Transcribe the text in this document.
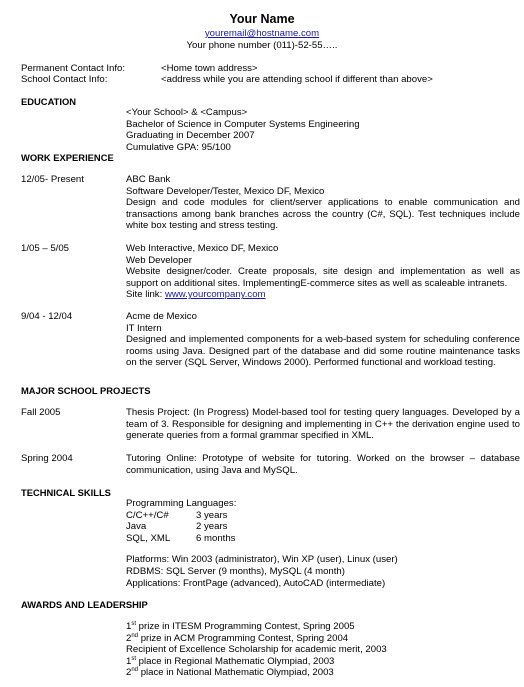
Your Name
youremail@hostname.com
Your phone number (011)-52-55…..
Permanent Contact Info:	<Home town address>
School Contact Info:	<address while you are attending school if different than above>
EDUCATION
<Your School> & <Campus>
Bachelor of Science in Computer Systems Engineering
Graduating in December 2007
Cumulative GPA: 95/100
WORK EXPERIENCE
12/05- Present	ABC Bank
Software Developer/Tester, Mexico DF, Mexico
Design and code modules for client/server applications to enable communication and transactions among bank branches across the country (C#, SQL). Test techniques include white box testing and stress testing.
1/05 – 5/05	Web Interactive, Mexico DF, Mexico
Web Developer
Website designer/coder. Create proposals, site design and implementation as well as support on additional sites. ImplementingE-commerce sites as well as scaleable intranets.
Site link: www.yourcompany.com
9/04 - 12/04	Acme de Mexico
IT Intern
Designed and implemented components for a web-based system for scheduling conference rooms using Java. Designed part of the database and did some routine maintenance tasks on the server (SQL Server, Windows 2000). Performed functional and workload testing.
MAJOR SCHOOL PROJECTS
Fall 2005	Thesis Project: (In Progress) Model-based tool for testing query languages. Developed by a team of 3. Responsible for designing and implementing in C++ the derivation engine used to generate queries from a formal grammar specified in XML.
Spring 2004	Tutoring Online: Prototype of website for tutoring. Worked on the browser – database communication, using Java and MySQL.
TECHNICAL SKILLS
Programming Languages:
C/C++/C#	3 years
Java	2 years
SQL, XML	6 months
Platforms: Win 2003 (administrator), Win XP (user), Linux (user)
RDBMS: SQL Server (9 months), MySQL (4 month)
Applications: FrontPage (advanced), AutoCAD (intermediate)
AWARDS AND LEADERSHIP
1st prize in ITESM Programming Contest, Spring 2005
2nd prize in ACM Programming Contest, Spring 2004
Recipient of Excellence Scholarship for academic merit, 2003
1st place in Regional Mathematic Olympiad, 2003
2nd place in National Mathematic Olympiad, 2003
